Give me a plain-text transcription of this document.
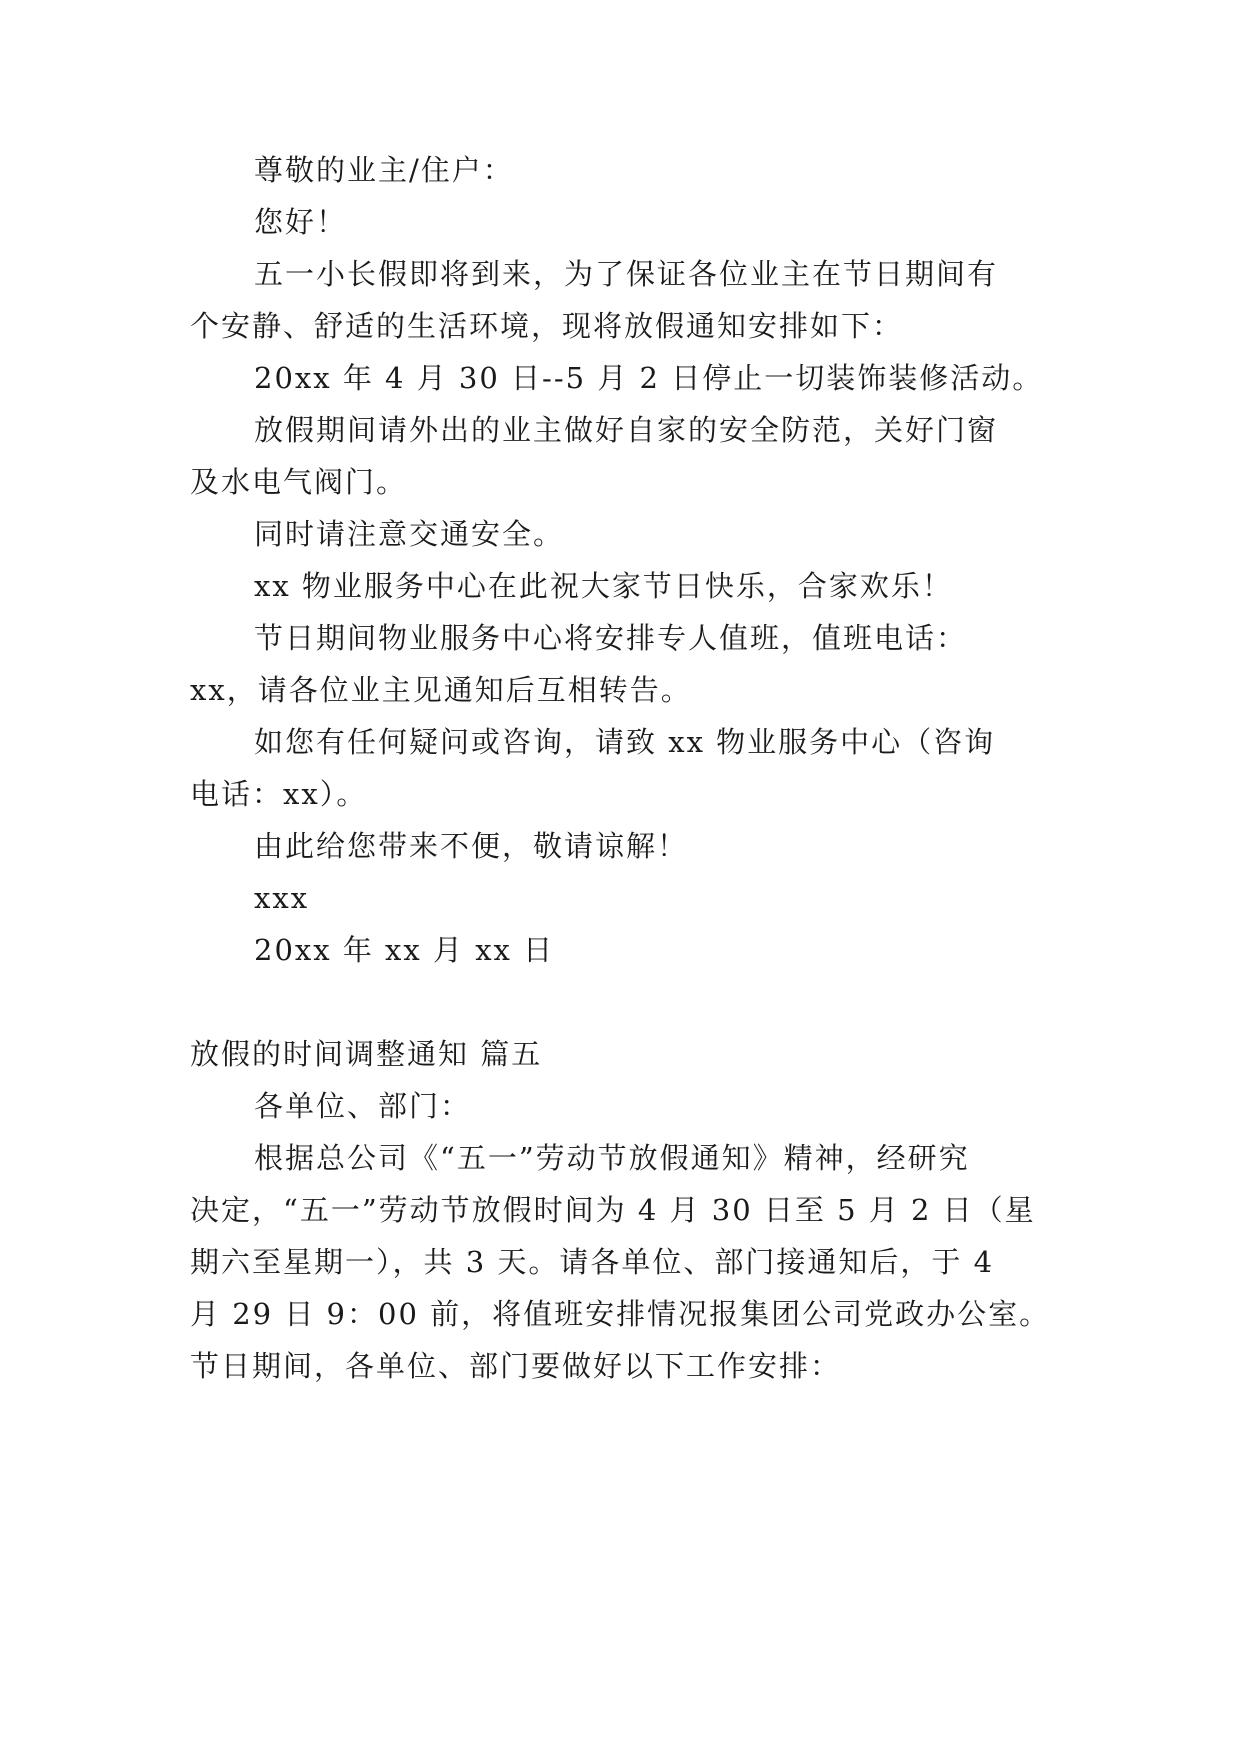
尊敬的业主/住户：
您好！
五一小长假即将到来，为了保证各位业主在节日期间有
个安静、舒适的生活环境，现将放假通知安排如下：
20xx 年 4 月 30 日--5 月 2 日停止一切装饰装修活动。
放假期间请外出的业主做好自家的安全防范，关好门窗
及水电气阀门。
同时请注意交通安全。
xx 物业服务中心在此祝大家节日快乐，合家欢乐！
节日期间物业服务中心将安排专人值班，值班电话：
xx，请各位业主见通知后互相转告。
如您有任何疑问或咨询，请致 xx 物业服务中心（咨询
电话：xx）。
由此给您带来不便，敬请谅解！
xxx
20xx 年 xx 月 xx 日
放假的时间调整通知 篇五
各单位、部门：
根据总公司《“五一”劳动节放假通知》精神，经研究
决定，“五一”劳动节放假时间为 4 月 30 日至 5 月 2 日（星
期六至星期一），共 3 天。请各单位、部门接通知后，于 4
月 29 日 9：00 前，将值班安排情况报集团公司党政办公室。
节日期间，各单位、部门要做好以下工作安排：
